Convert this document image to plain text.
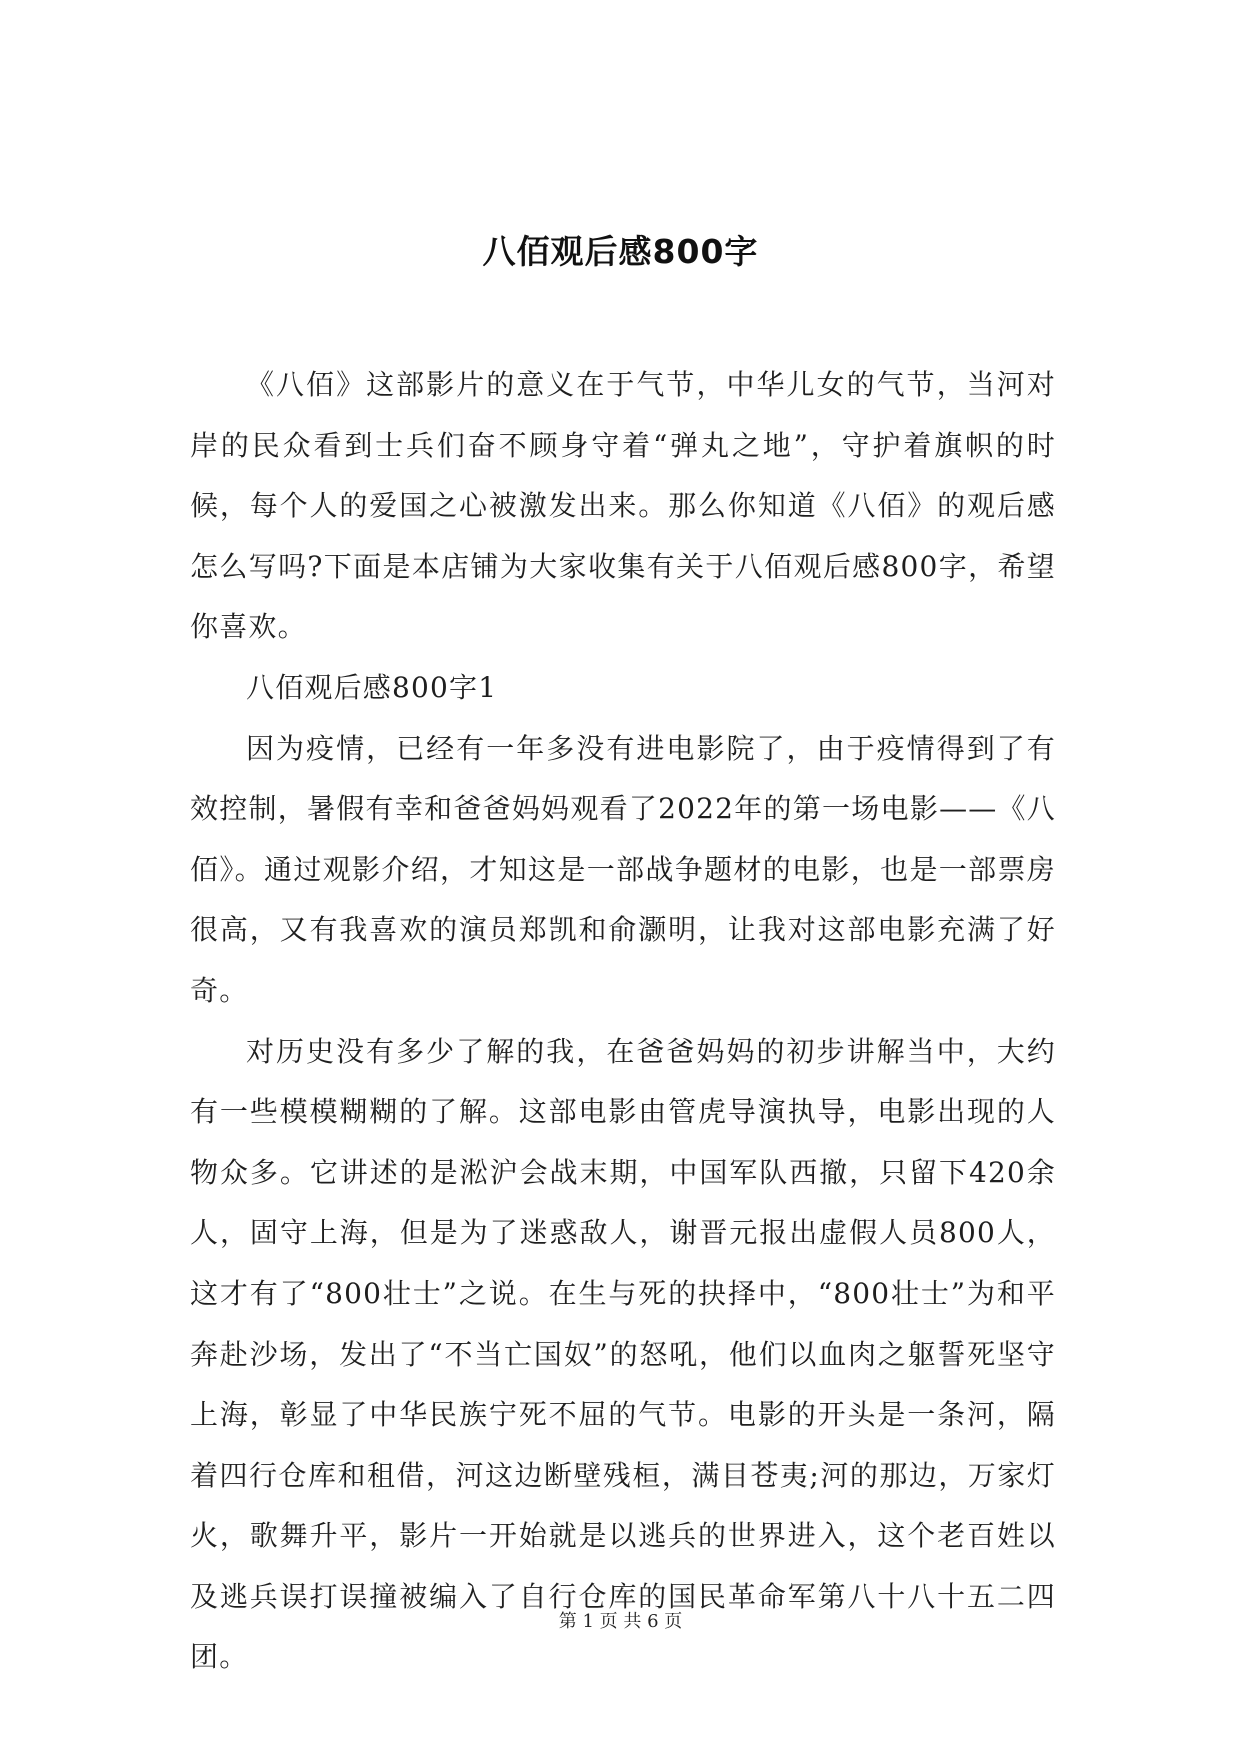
八佰观后感800字

《八佰》这部影片的意义在于气节，中华儿女的气节，当河对岸的民众看到士兵们奋不顾身守着“弹丸之地”，守护着旗帜的时候，每个人的爱国之心被激发出来。那么你知道《八佰》的观后感怎么写吗?下面是本店铺为大家收集有关于八佰观后感800字，希望你喜欢。

八佰观后感800字1

因为疫情，已经有一年多没有进电影院了，由于疫情得到了有效控制，暑假有幸和爸爸妈妈观看了2022年的第一场电影——《八佰》。通过观影介绍，才知这是一部战争题材的电影，也是一部票房很高，又有我喜欢的演员郑凯和俞灏明，让我对这部电影充满了好奇。

对历史没有多少了解的我，在爸爸妈妈的初步讲解当中，大约有一些模模糊糊的了解。这部电影由管虎导演执导，电影出现的人物众多。它讲述的是淞沪会战末期，中国军队西撤，只留下420余人，固守上海，但是为了迷惑敌人，谢晋元报出虚假人员800人，这才有了“800壮士”之说。在生与死的抉择中，“800壮士”为和平奔赴沙场，发出了“不当亡国奴”的怒吼，他们以血肉之躯誓死坚守上海，彰显了中华民族宁死不屈的气节。电影的开头是一条河，隔着四行仓库和租借，河这边断壁残桓，满目苍夷;河的那边，万家灯火，歌舞升平，影片一开始就是以逃兵的世界进入，这个老百姓以及逃兵误打误撞被编入了自行仓库的国民革命军第八十八十五二四团。

第 1 页 共 6 页
